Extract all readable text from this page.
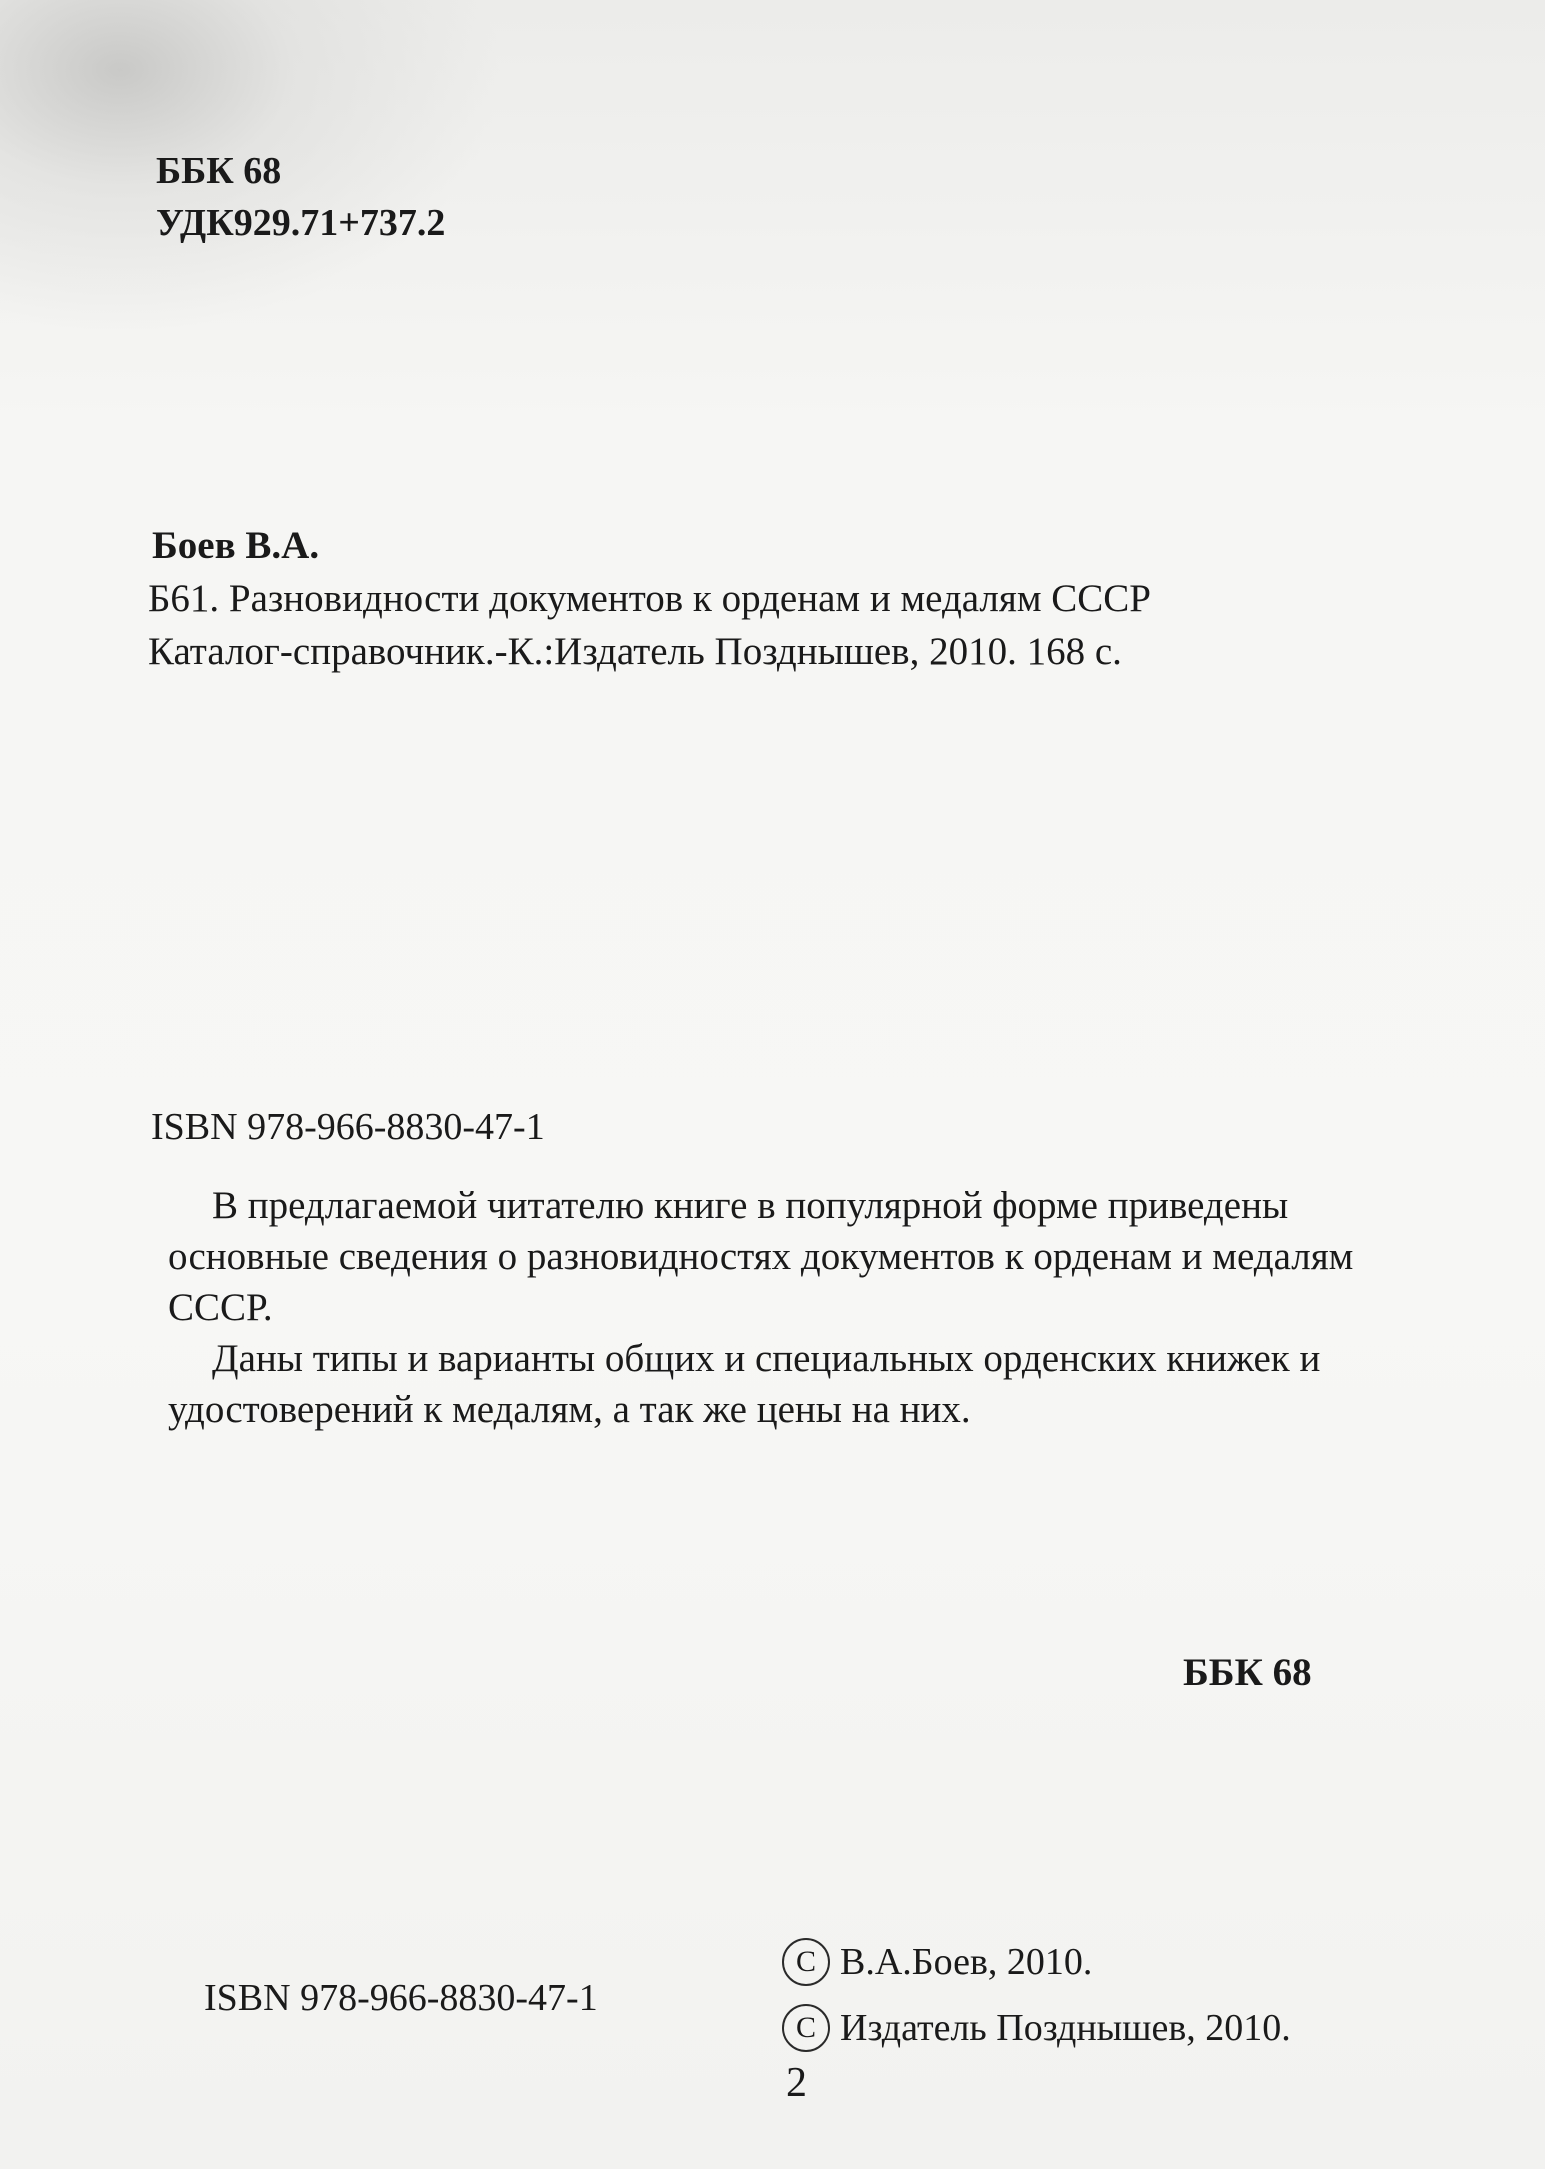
ББК 68
УДК929.71+737.2
Боев В.А.
Б61. Разновидности документов к орденам и медалям СССР
Каталог-справочник.-К.:Издатель Позднышев, 2010. 168 с.
ISBN 978-966-8830-47-1
В предлагаемой читателю книге в популярной форме приведены
основные сведения о разновидностях документов к орденам и медалям
СССР.
Даны типы и варианты общих и специальных орденских книжек и
удостоверений к медалям, а так же цены на них.
ББК 68
ISBN 978-966-8830-47-1
С В.А.Боев, 2010.
С Издатель Позднышев, 2010.
2
